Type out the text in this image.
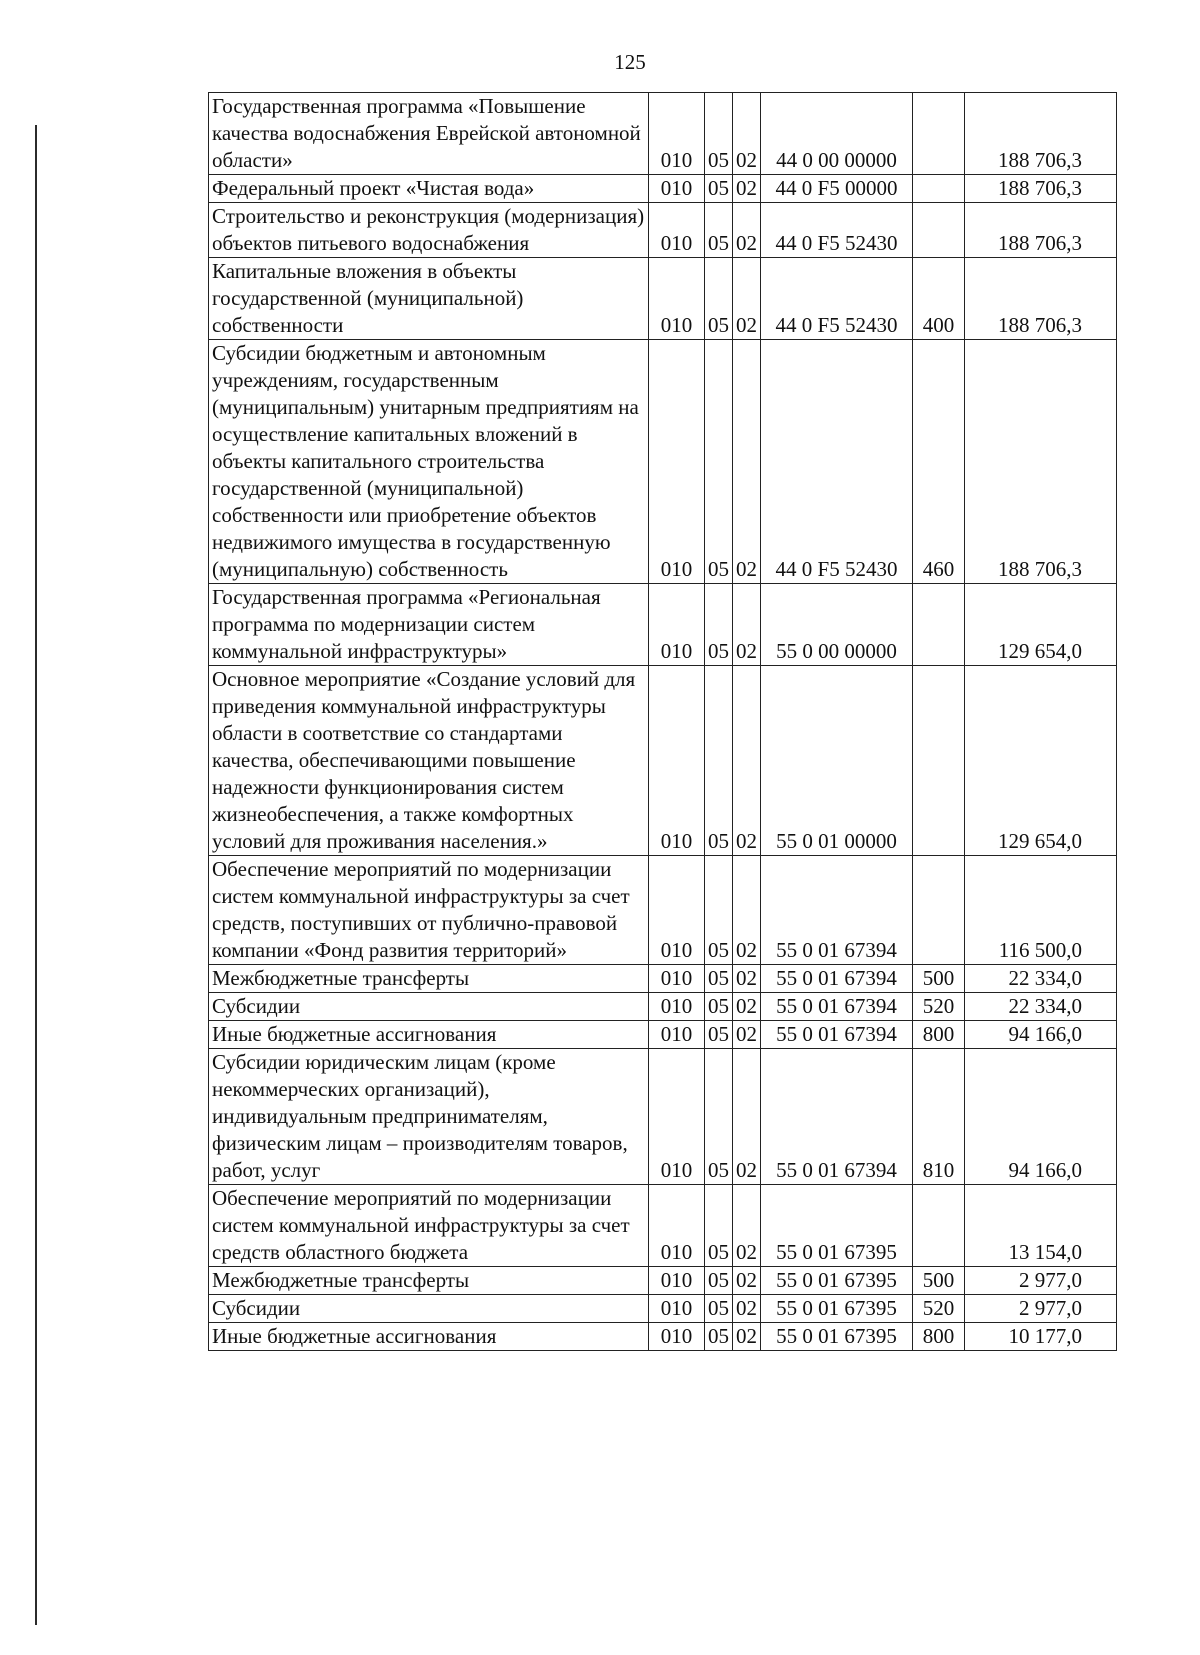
125
Государственная программа «Повышение качества водоснабжения Еврейской автономной области»	010	05	02	44 0 00 00000		188 706,3
Федеральный проект «Чистая вода»	010	05	02	44 0 F5 00000		188 706,3
Строительство и реконструкция (модернизация) объектов питьевого водоснабжения	010	05	02	44 0 F5 52430		188 706,3
Капитальные вложения в объекты государственной (муниципальной) собственности	010	05	02	44 0 F5 52430	400	188 706,3
Субсидии бюджетным и автономным учреждениям, государственным (муниципальным) унитарным предприятиям на осуществление капитальных вложений в объекты капитального строительства государственной (муниципальной) собственности или приобретение объектов недвижимого имущества в государственную (муниципальную) собственность	010	05	02	44 0 F5 52430	460	188 706,3
Государственная программа «Региональная программа по модернизации систем коммунальной инфраструктуры»	010	05	02	55 0 00 00000		129 654,0
Основное мероприятие «Создание условий для приведения коммунальной инфраструктуры области в соответствие со стандартами качества, обеспечивающими повышение надежности функционирования систем жизнеобеспечения, а также комфортных условий для проживания населения.»	010	05	02	55 0 01 00000		129 654,0
Обеспечение мероприятий по модернизации систем коммунальной инфраструктуры за счет средств, поступивших от публично-правовой компании «Фонд развития территорий»	010	05	02	55 0 01 67394		116 500,0
Межбюджетные трансферты	010	05	02	55 0 01 67394	500	22 334,0
Субсидии	010	05	02	55 0 01 67394	520	22 334,0
Иные бюджетные ассигнования	010	05	02	55 0 01 67394	800	94 166,0
Субсидии юридическим лицам (кроме некоммерческих организаций), индивидуальным предпринимателям, физическим лицам – производителям товаров, работ, услуг	010	05	02	55 0 01 67394	810	94 166,0
Обеспечение мероприятий по модернизации систем коммунальной инфраструктуры за счет средств областного бюджета	010	05	02	55 0 01 67395		13 154,0
Межбюджетные трансферты	010	05	02	55 0 01 67395	500	2 977,0
Субсидии	010	05	02	55 0 01 67395	520	2 977,0
Иные бюджетные ассигнования	010	05	02	55 0 01 67395	800	10 177,0
